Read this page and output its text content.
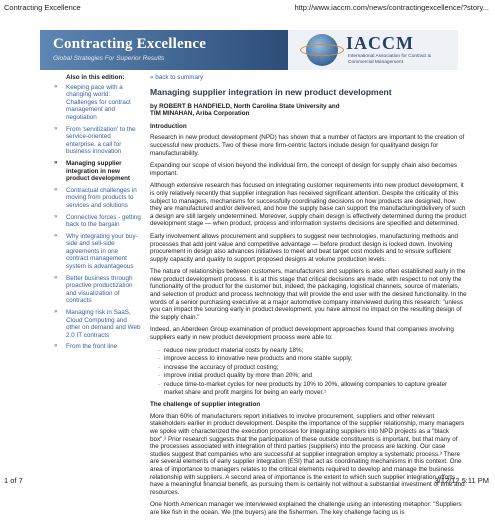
Contracting Excellence	http://www.iaccm.com/news/contractingexcellence/?story...
Contracting Excellence
Global Strategies For Superior Results
IACCM
International Association for Contract & Commercial Management
Also in this edition:
» Keeping pace with a changing world: Challenges for contract management and negotiation
» From 'servitization' to the service-oriented enterprise, a call for business innovation
» Managing supplier integration in new product development
» Contractual challenges in moving from products to services and solutions
» Connective forces - getting back to the bargain
» Why integrating your buy-side and sell-side agreements in one contract management system is advantageous
» Better business through proactive productization and visualization of contracts
» Managing risk in SaaS, Cloud Computing and other on demand and Web 2.0 IT contracts
» From the front line
« back to summary
Managing supplier integration in new product development
by ROBERT B HANDFIELD, North Carolina State University and
TIM MINAHAN, Ariba Corporation
Introduction

Research in new product development (NPD) has shown that a number of factors are important to the creation of successful new products. Two of these more firm-centric factors include design for qualityand design for manufacturability.

Expanding our scope of vision beyond the individual firm, the concept of design for supply chain also becomes important.

Although extensive research has focused on integrating customer requirements into new product development, it is only relatively recently that supplier integration has received significant attention. Despite the criticality of this subject to managers, mechanisms for successfully coordinating decisions on how products are designed, how they are manufactured and/or delivered, and how the supply base can support the manufacturing/delivery of such a design are still largely undetermined. Moreover, supply chain design is effectively determined during the product development stage — when product, process and information systems decisions are specified and determined.

Early involvement allows procurement and suppliers to suggest new technologies, manufacturing methods and processes that add joint value and competitive advantage — before product design is locked down. Involving procurement in design also advances initiatives to meet and beat target cost models and to ensure sufficient supply capacity and quality to support proposed designs at volume production levels.

The nature of relationships between customers, manufacturers and suppliers is also often established early in the new product development process. It is at this stage that critical decisions are made, with respect to not only the functionality of the product for the customer but, indeed, the packaging, logistical channels, source of materials, and selection of product and process technology that will provide the end user with the desired functionality. In the words of a senior purchasing executive at a major automotive company interviewed during this research: "unless you can impact the sourcing early in product development, you have almost no impact on the resulting design of the supply chain."

Indeed, an Aberdeen Group examination of product development approaches found that companies involving suppliers early in new product development process were able to:

· reduce new product material costs by nearly 18%;
· improve access to innovative new products and more stable supply;
· increase the accuracy of product costing;
· improve initial product quality by more than 20%; and
· reduce time-to-market cycles for new products by 10% to 20%, allowing companies to capture greater market share and profit margins for being an early mover.¹
The challenge of supplier integration

More than 60% of manufacturers report initiatives to involve procurement, suppliers and other relevant stakeholders earlier in product development. Despite the importance of the supplier relationship, many managers we spoke with characterized the execution processes for integrating suppliers into NPD projects as a "black box".² Prior research suggests that the participation of these outside constituents is important, but that many of the processes associated with integration of third parties (suppliers) into the process are lacking. Our case studies suggest that companies who are successful at supplier integration employ a systematic process.³ There are several elements of early supplier integration (ESI) that act as coordinating mechanisms in this context. One area of importance to managers relates to the critical elements required to develop and manage the business relationship with suppliers. A second area of importance is the extent to which such supplier integration efforts have a meaningful financial benefit, as pursuing them is certainly not without a substantial investment of time and resources.

One North American manager we interviewed explained the challenge using an interesting metaphor: "Suppliers are like fish in the ocean. We (the buyers) are the fishermen. The key challenge facing us is

1 of 7	3/12/12 5:11 PM
